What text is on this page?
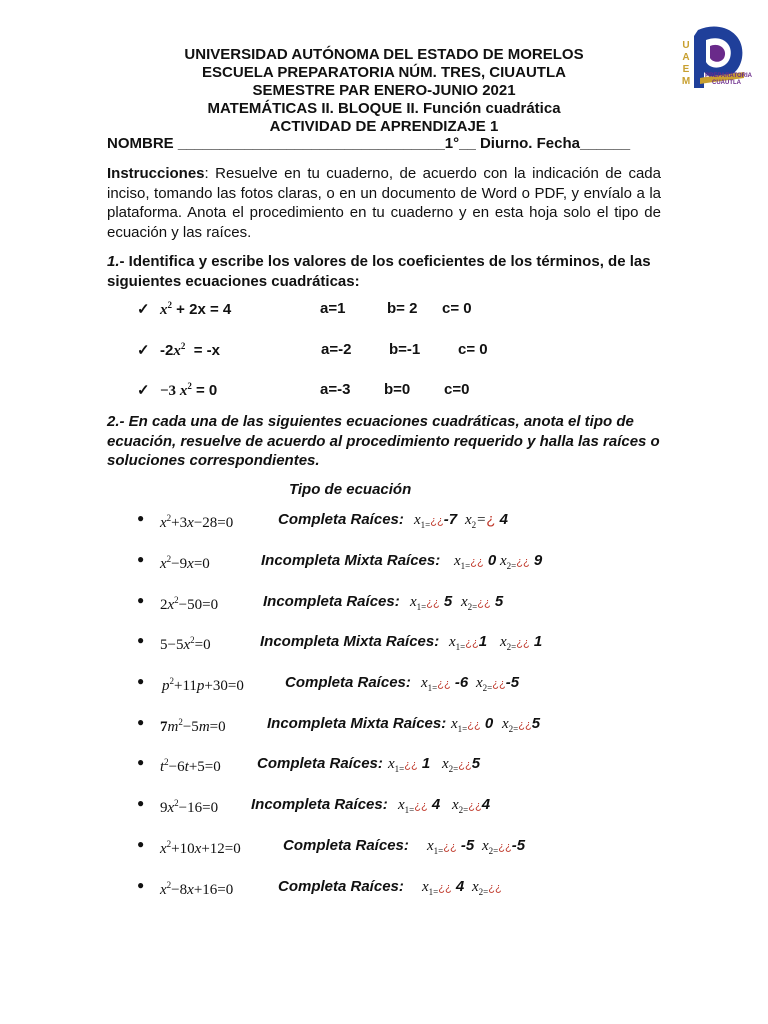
U
A
E
M PREPARATORIA
CUAUTLA
UNIVERSIDAD AUTÓNOMA DEL ESTADO DE MORELOS
ESCUELA PREPARATORIA NÚM. TRES, CIUAUTLA
SEMESTRE PAR ENERO-JUNIO 2021
MATEMÁTICAS II. BLOQUE II. Función cuadrática
ACTIVIDAD DE APRENDIZAJE 1
NOMBRE ________________________________1°__ Diurno. Fecha______
Instrucciones: Resuelve en tu cuaderno, de acuerdo con la indicación de cada inciso, tomando las fotos claras, o en un documento de Word o PDF, y envíalo a la plataforma. Anota el procedimiento en tu cuaderno y en esta hoja solo el tipo de ecuación y las raíces.
1.- Identifica y escribe los valores de los coeficientes de los términos, de las siguientes ecuaciones cuadráticas:
✓ $x^2 + 2x = 4$	a=1	b= 2 c= 0
✓ $-2x^2 = -x$	a=-2	b=-1	c= 0
✓ −3 $x^2 = 0$	a=-3 b=0 c=0
2.- En cada una de las siguientes ecuaciones cuadráticas, anota el tipo de ecuación, resuelve de acuerdo al procedimiento requerido y halla las raíces o soluciones correspondientes.
Tipo de ecuación
● $x^2+3x-28=0$	Completa Raíces: $x_{1=}¿¿-7$ $x_2=¿$ 4
● $x^2-9x=0$	Incompleta Mixta Raíces: $x_{1=}¿¿$ 0 $x_{2=}¿¿$ 9
● $2x^2-50=0$	Incompleta Raíces: $x_{1=}¿¿$ 5 $x_{2=}¿¿$ 5
● $5-5x^2=0$	Incompleta Mixta Raíces: $x_{1=}¿¿1$ $x_{2=}¿¿$ 1
● $p^2+11p+30=0$	Completa Raíces: $x_{1=}¿¿$ -6 $x_{2=}¿¿-5$
● $7m^2-5m=0$	Incompleta Mixta Raíces: $x_{1=}¿¿$ 0 $x_{2=}¿¿5$
● $t^2-6t+5=0$ Completa Raíces: $x_{1=}¿¿$ 1 $x_{2=}¿¿5$
● $9x^2-16=0$ Incompleta Raíces: $x_{1=}¿¿$ 4 $x_{2=}¿¿4$
● $x^2+10x+12=0$	Completa Raíces: $x_{1=}¿¿$ -5 $x_{2=}¿¿-5$
● $x^2-8x+16=0$	Completa Raíces: $x_{1=}¿¿$ 4 $x_{2=}¿¿$
